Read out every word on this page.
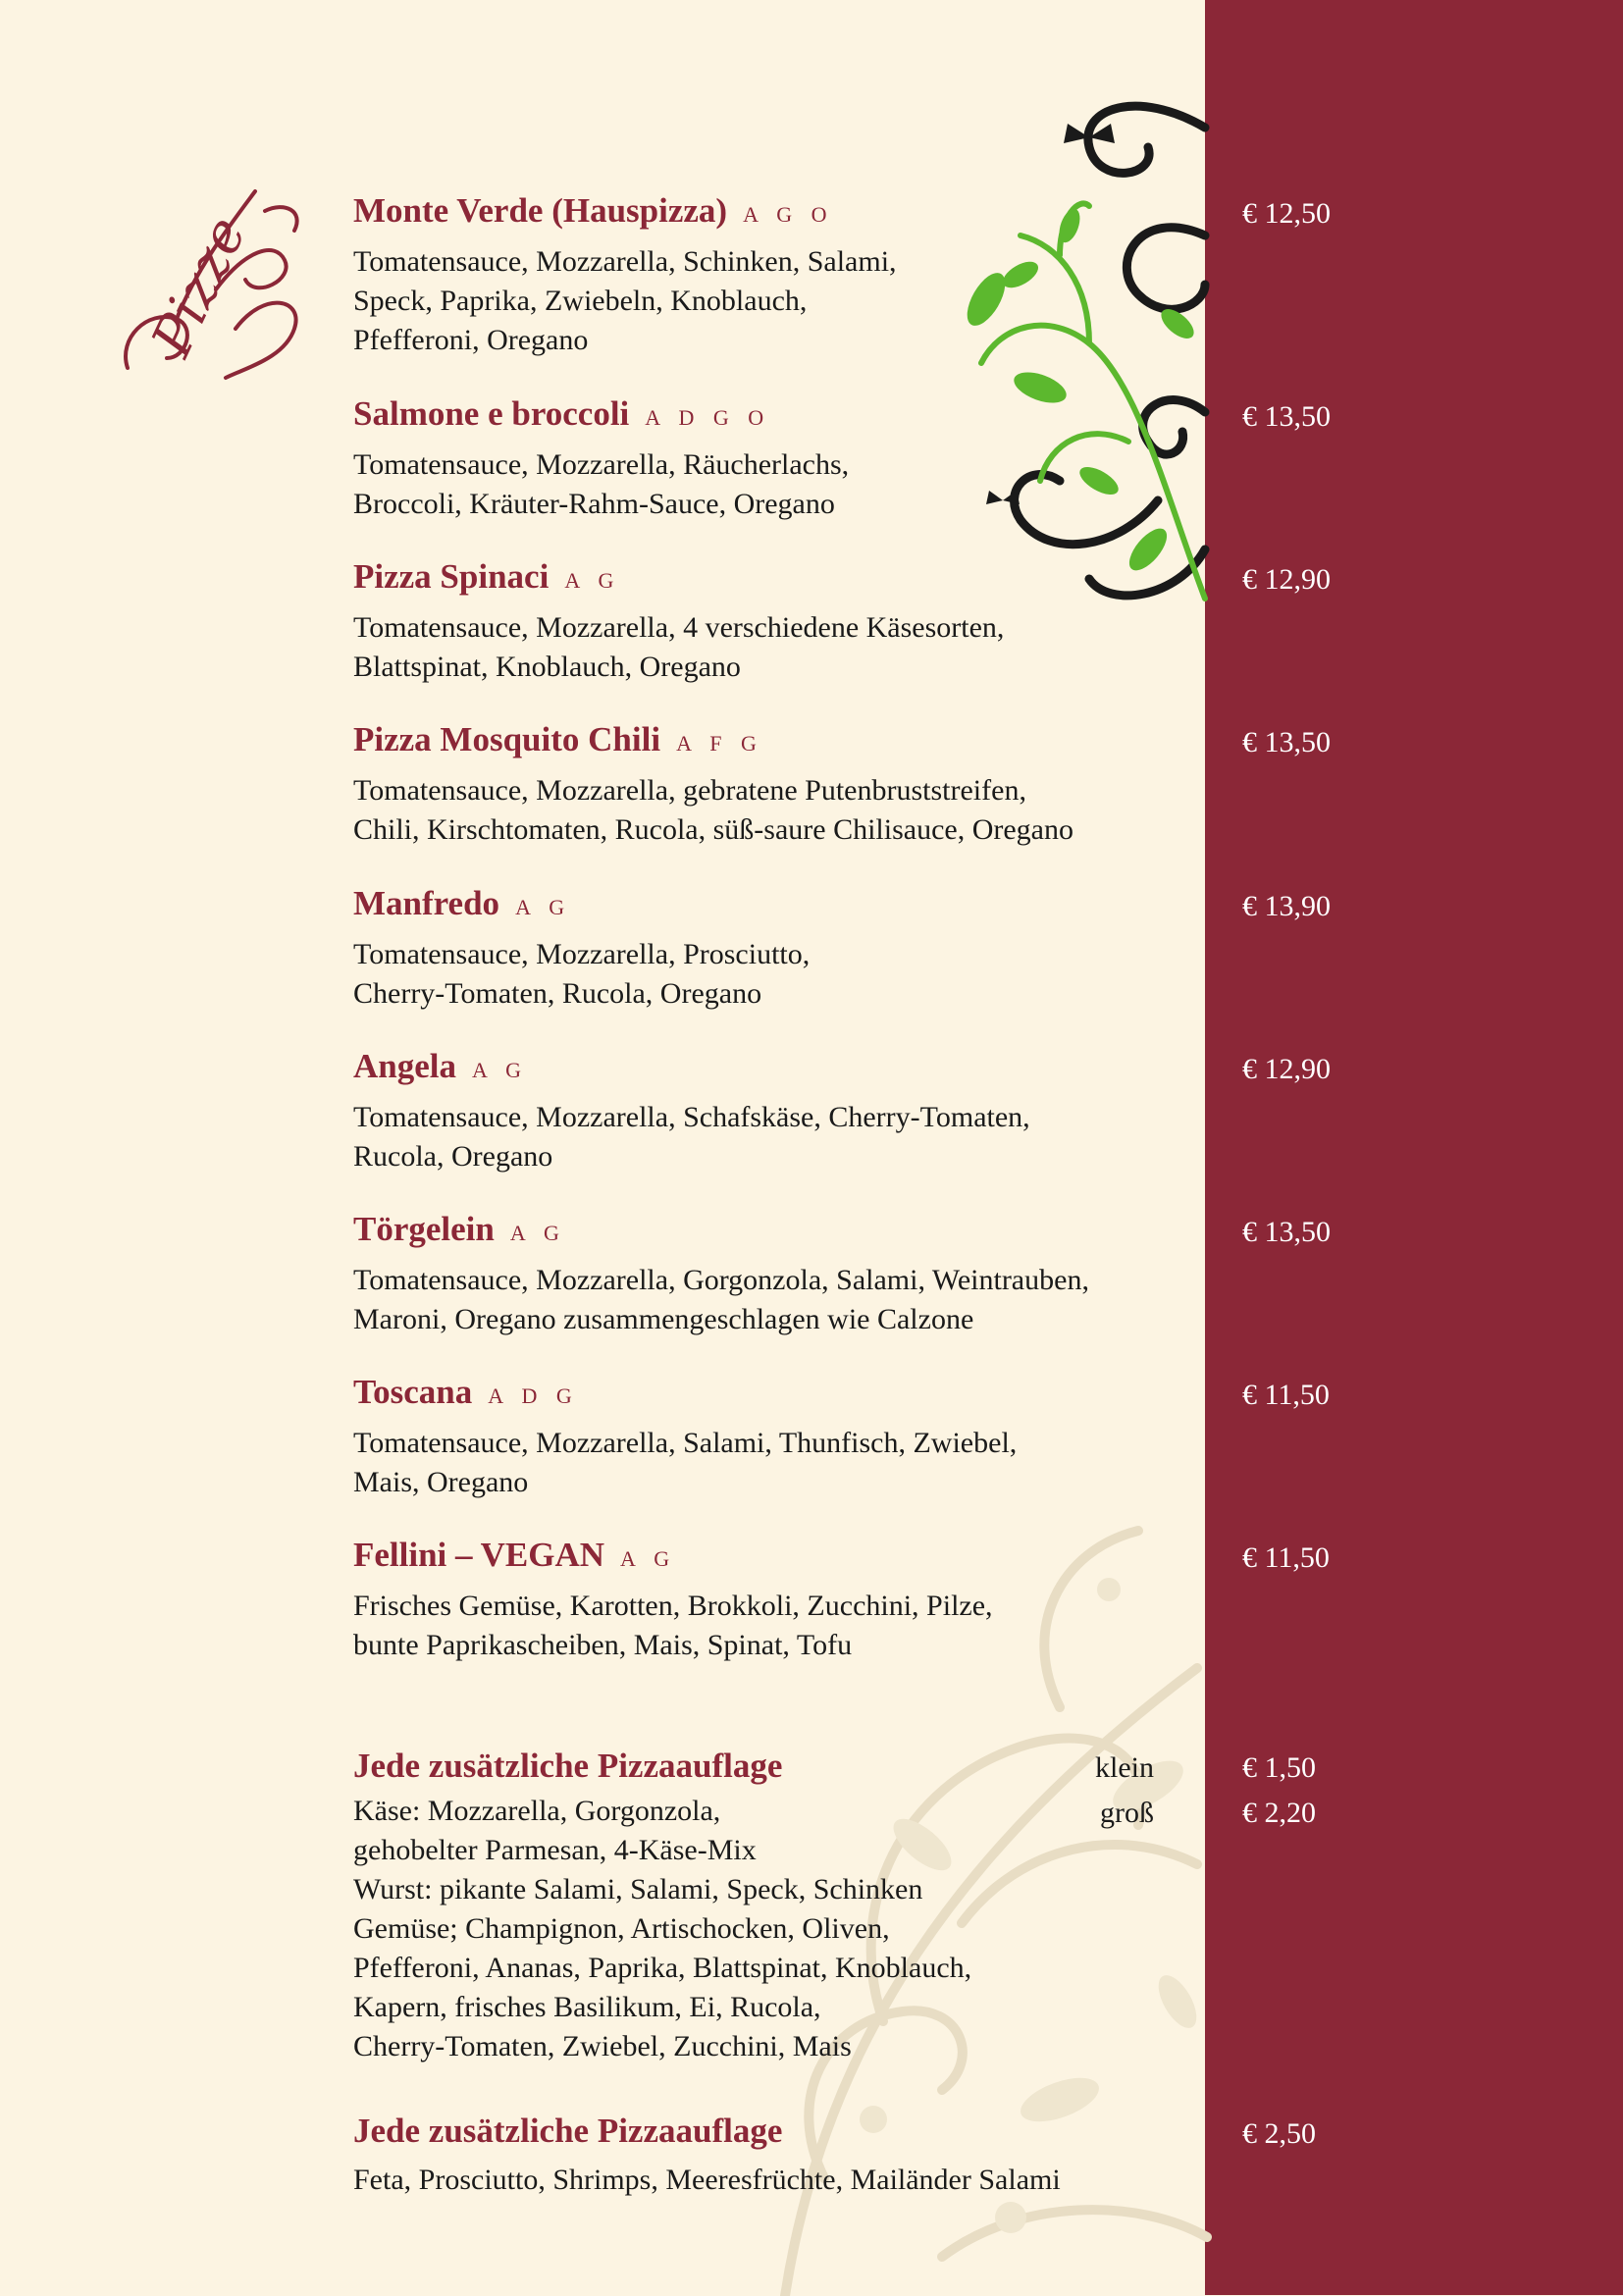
Pizze	Monte Verde (Hauspizza) A G O
Tomatensauce, Mozzarella, Schinken, Salami,
Speck, Paprika, Zwiebeln, Knoblauch,
Pfefferoni, Oregano
€ 12,50
Salmone e broccoli A D G O
Tomatensauce, Mozzarella, Räucherlachs,
Broccoli, Kräuter-Rahm-Sauce, Oregano
€ 13,50
Pizza Spinaci A G
Tomatensauce, Mozzarella, 4 verschiedene Käsesorten,
Blattspinat, Knoblauch, Oregano
€ 12,90
Pizza Mosquito Chili A F G
Tomatensauce, Mozzarella, gebratene Putenbruststreifen,
Chili, Kirschtomaten, Rucola, süß-saure Chilisauce, Oregano
€ 13,50
Manfredo A G
Tomatensauce, Mozzarella, Prosciutto,
Cherry-Tomaten, Rucola, Oregano
€ 13,90
Angela A G
Tomatensauce, Mozzarella, Schafskäse, Cherry-Tomaten,
Rucola, Oregano
€ 12,90
Törgelein A G
Tomatensauce, Mozzarella, Gorgonzola, Salami, Weintrauben,
Maroni, Oregano zusammengeschlagen wie Calzone
€ 13,50
Toscana A D G
Tomatensauce, Mozzarella, Salami, Thunfisch, Zwiebel,
Mais, Oregano
€ 11,50
Fellini – VEGAN A G
Frisches Gemüse, Karotten, Brokkoli, Zucchini, Pilze,
bunte Paprikascheiben, Mais, Spinat, Tofu
€ 11,50
Jede zusätzliche Pizzaauflage
Käse: Mozzarella, Gorgonzola,
gehobelter Parmesan, 4-Käse-Mix
Wurst: pikante Salami, Salami, Speck, Schinken
Gemüse; Champignon, Artischocken, Oliven,
Pfefferoni, Ananas, Paprika, Blattspinat, Knoblauch,
Kapern, frisches Basilikum, Ei, Rucola,
Cherry-Tomaten, Zwiebel, Zucchini, Mais
klein
groß
€ 1,50
€ 2,20
Jede zusätzliche Pizzaauflage
Feta, Prosciutto, Shrimps, Meeresfrüchte, Mailänder Salami
€ 2,50
